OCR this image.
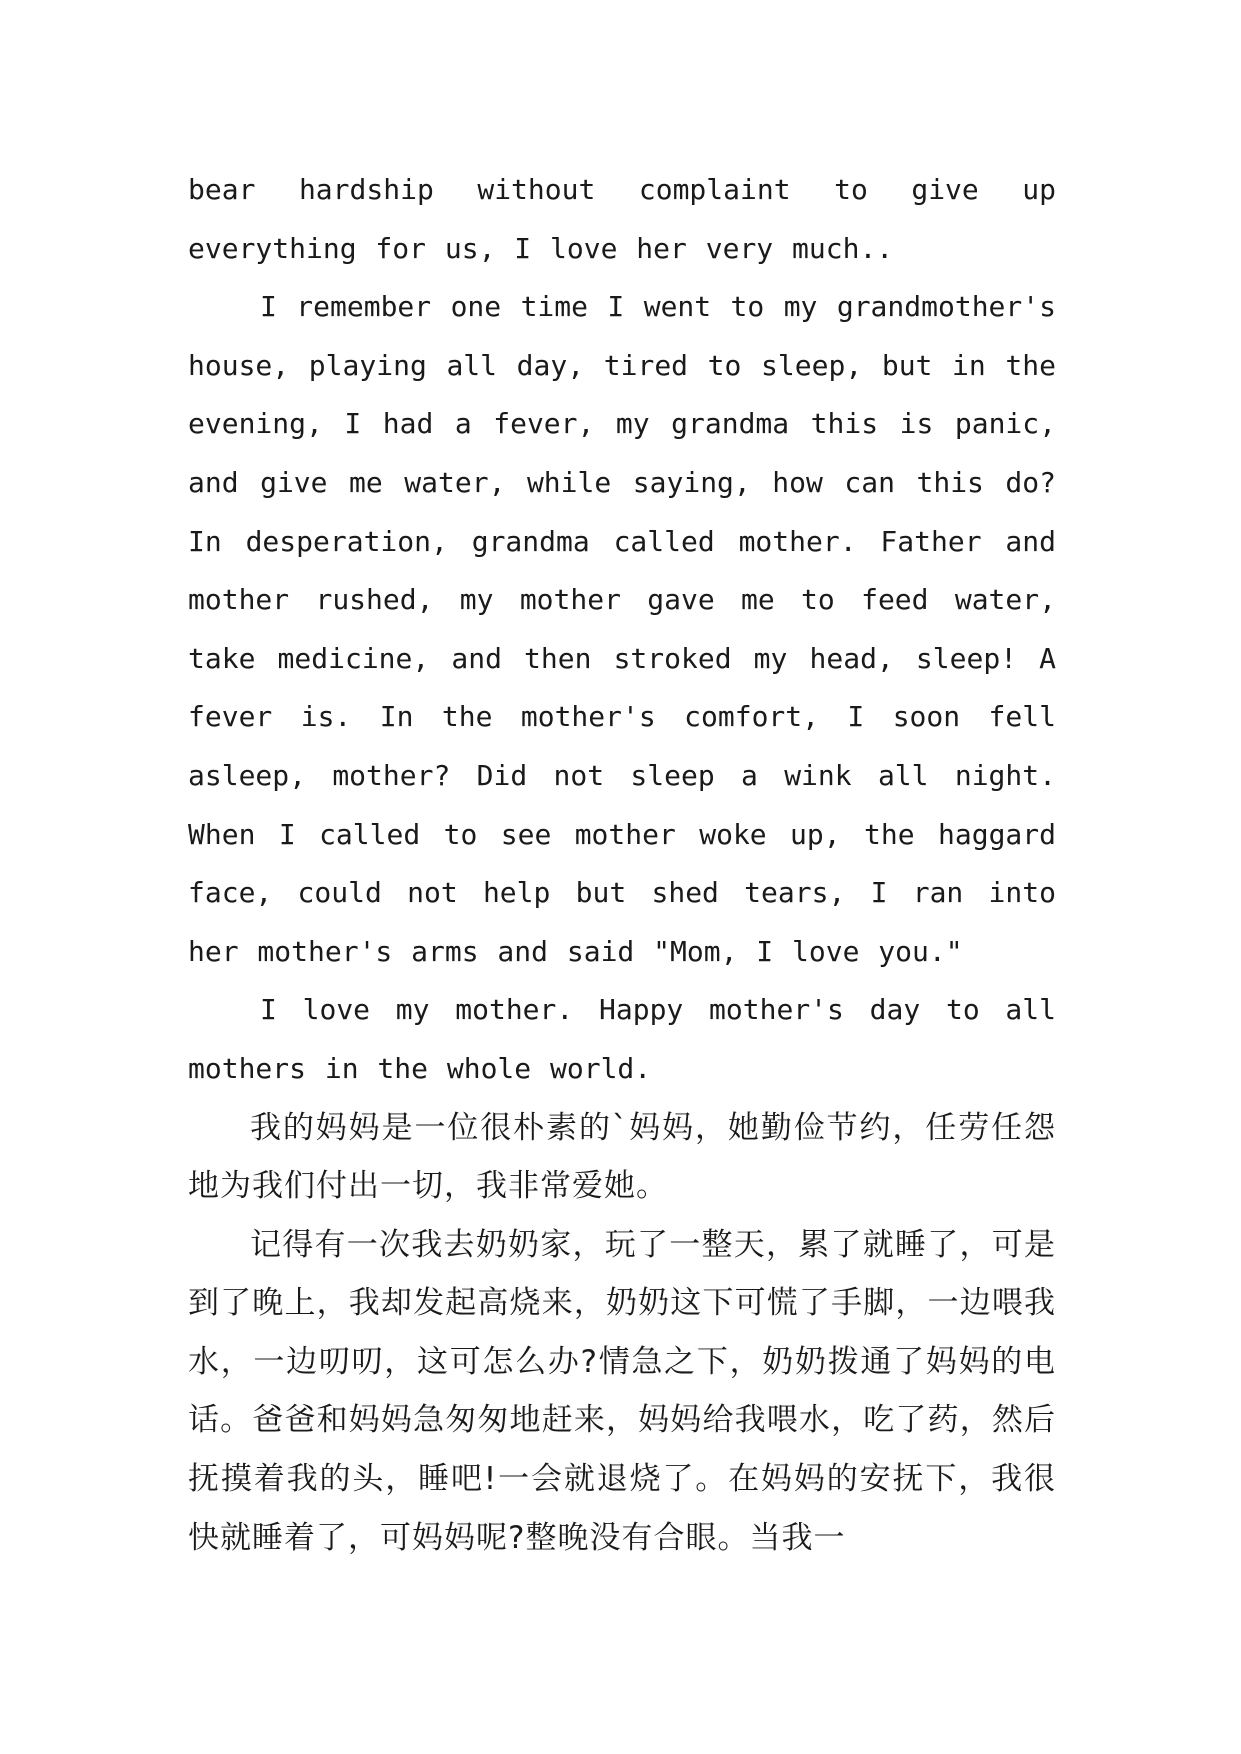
bear hardship without complaint to give up everything for us, I love her very much..

I remember one time I went to my grandmother's house, playing all day, tired to sleep, but in the evening, I had a fever, my grandma this is panic, and give me water, while saying, how can this do? In desperation, grandma called mother. Father and mother rushed, my mother gave me to feed water, take medicine, and then stroked my head, sleep! A fever is. In the mother's comfort, I soon fell asleep, mother? Did not sleep a wink all night. When I called to see mother woke up, the haggard face, could not help but shed tears, I ran into her mother's arms and said "Mom, I love you."

I love my mother. Happy mother's day to all mothers in the whole world.

我的妈妈是一位很朴素的`妈妈，她勤俭节约，任劳任怨地为我们付出一切，我非常爱她。

记得有一次我去奶奶家，玩了一整天，累了就睡了，可是到了晚上，我却发起高烧来，奶奶这下可慌了手脚，一边喂我水，一边叨叨，这可怎么办?情急之下，奶奶拨通了妈妈的电话。爸爸和妈妈急匆匆地赶来，妈妈给我喂水，吃了药，然后抚摸着我的头，睡吧!一会就退烧了。在妈妈的安抚下，我很快就睡着了，可妈妈呢?整晚没有合眼。当我一
